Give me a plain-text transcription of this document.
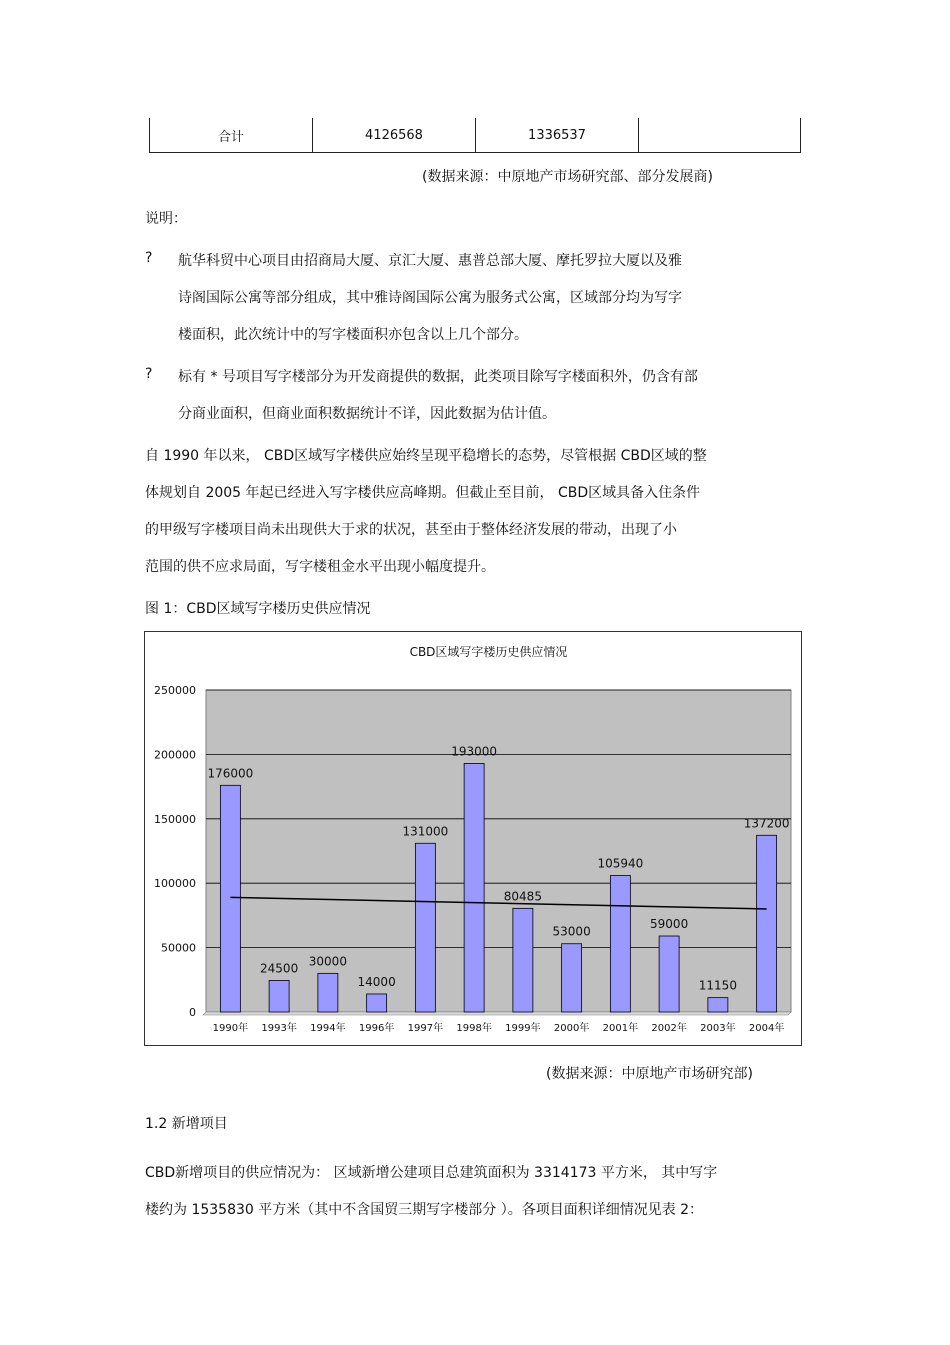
合计	4126568	1336537
(数据来源：中原地产市场研究部、部分发展商)
说明：
? 航华科贸中心项目由招商局大厦、京汇大厦、惠普总部大厦、摩托罗拉大厦以及雅
诗阁国际公寓等部分组成，其中雅诗阁国际公寓为服务式公寓，区域部分均为写字
楼面积，此次统计中的写字楼面积亦包含以上几个部分。
? 标有 * 号项目写字楼部分为开发商提供的数据，此类项目除写字楼面积外，仍含有部
分商业面积，但商业面积数据统计不详，因此数据为估计值。
自 1990 年以来， CBD区域写字楼供应始终呈现平稳增长的态势，尽管根据 CBD区域的整
体规划自 2005 年起已经进入写字楼供应高峰期。但截止至目前， CBD区域具备入住条件
的甲级写字楼项目尚未出现供大于求的状况，甚至由于整体经济发展的带动，出现了小
范围的供不应求局面，写字楼租金水平出现小幅度提升。
图 1：CBD区域写字楼历史供应情况
CBD区域写字楼历史供应情况
0
50000
100000
150000
200000
250000
176000
1990年
24500
1993年
30000
1994年
14000
1996年
131000
1997年
193000
1998年
80485
1999年
53000
2000年
105940
2001年
59000
2002年
11150
2003年
137200
2004年
(数据来源：中原地产市场研究部)
1.2 新增项目
CBD新增项目的供应情况为： 区域新增公建项目总建筑面积为 3314173 平方米， 其中写字
楼约为 1535830 平方米（其中不含国贸三期写字楼部分 ）。各项目面积详细情况见表 2：
